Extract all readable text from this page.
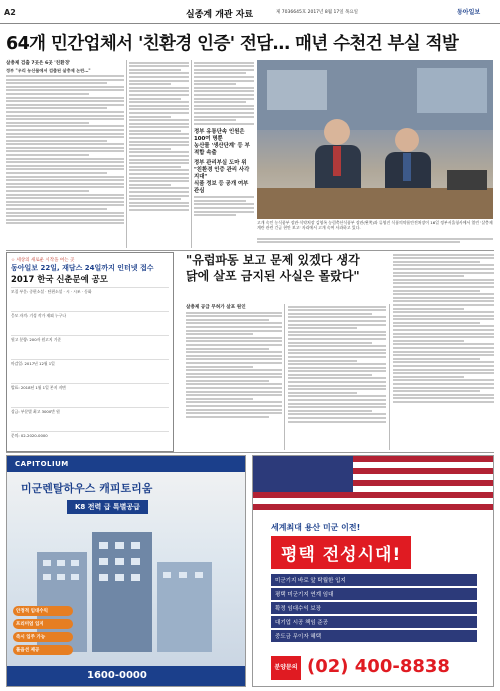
A2	실종계 개관 자료	제 7036645호 2017년 8월 17일 목요일	동아일보
64개 민간업체서 '친환경 인증' 전담… 매년 수천건 부실 적발
살충제 검출 7곳은 6곳 '친환경'
정부 "우리 농산물에서 검출된 살충제 논란…"
정부 유통단속 인원은 100여 명뿐
농산물 '생산단계' 등 부적합 속출
정부 관리부실 도마 위 "친환경 인증 관리 사각지대"
식품 정보 등 공개 여부 관심
고개 숙인 농식품부 장관·식약처장 김영록 농림축산식품부 장관(왼쪽)과 류영진 식품의약품안전처장이 16일 정부서울청사에서 열린 '살충제 계란 관련 긴급 현안 보고' 자리에서 고개 숙여 사과하고 있다.
☆ 세상의 새로운 시작을 여는 곳
동아일보 22일, 재담스 24일까지 인터넷 접수
2017 한국 신춘문예 공모
모집 부문: 중편소설 · 단편소설 · 시 · 시조 · 동화
응모 자격: 기성 작가 제외 누구나
원고 분량: 200자 원고지 기준
마감일: 2017년 12월 1일
발표: 2018년 1월 1일 본지 지면
상금: 부문별 최고 3000만 원
문의: 02-2020-0000
"유럽파동 보고 문제 있겠다 생각
닭에 살포 금지된 사실은 몰랐다"
살충제 공급 무허가 살포 원인
CAPITOLIUM
미군렌탈하우스 캐피토리움
K8 전력 급 특별공급
안정적 임대수익
프리미엄 입지
즉시 입주 가능
풀옵션 제공
1600-0000
세계최대 용산 미군 이전!
평택 전성시대!
미군기지 바로 앞 탁월한 입지
평택 미군기지 연계 임대
확정 임대수익 보장
대기업 시공 책임 준공
중도금 무이자 혜택
분양문의 (02) 400-8838
